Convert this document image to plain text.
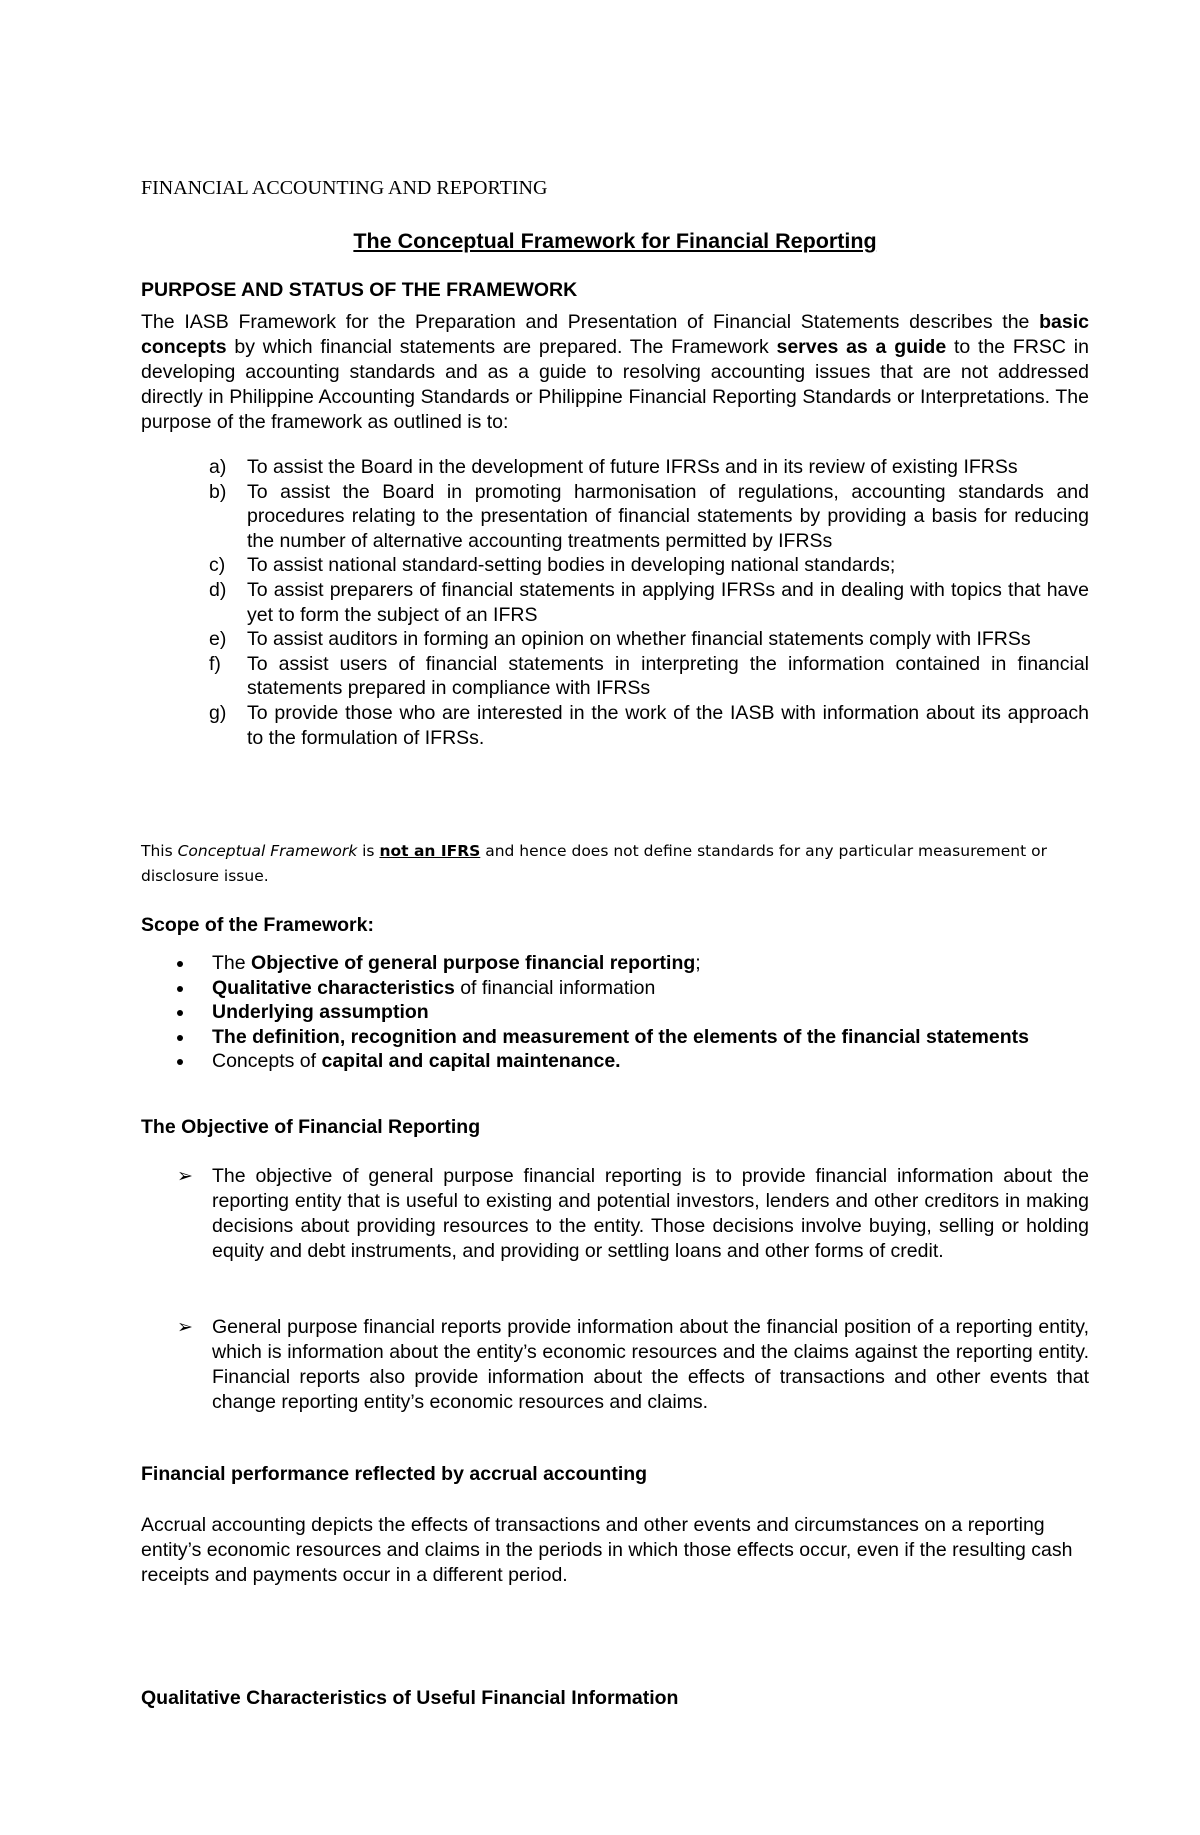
FINANCIAL ACCOUNTING AND REPORTING

The Conceptual Framework for Financial Reporting
PURPOSE AND STATUS OF THE FRAMEWORK

The IASB Framework for the Preparation and Presentation of Financial Statements describes the basic concepts by which financial statements are prepared. The Framework serves as a guide to the FRSC in developing accounting standards and as a guide to resolving accounting issues that are not addressed directly in Philippine Accounting Standards or Philippine Financial Reporting Standards or Interpretations. The purpose of the framework as outlined is to:

a) To assist the Board in the development of future IFRSs and in its review of existing IFRSs
b) To assist the Board in promoting harmonisation of regulations, accounting standards and procedures relating to the presentation of financial statements by providing a basis for reducing the number of alternative accounting treatments permitted by IFRSs
c) To assist national standard-setting bodies in developing national standards;
d) To assist preparers of financial statements in applying IFRSs and in dealing with topics that have yet to form the subject of an IFRS
e) To assist auditors in forming an opinion on whether financial statements comply with IFRSs
f) To assist users of financial statements in interpreting the information contained in financial statements prepared in compliance with IFRSs
g) To provide those who are interested in the work of the IASB with information about its approach to the formulation of IFRSs.

This Conceptual Framework is not an IFRS and hence does not define standards for any particular measurement or disclosure issue.

Scope of the Framework:
The Objective of general purpose financial reporting;
Qualitative characteristics of financial information
Underlying assumption
The definition, recognition and measurement of the elements of the financial statements
Concepts of capital and capital maintenance.
The Objective of Financial Reporting
➢ The objective of general purpose financial reporting is to provide financial information about the reporting entity that is useful to existing and potential investors, lenders and other creditors in making decisions about providing resources to the entity. Those decisions involve buying, selling or holding equity and debt instruments, and providing or settling loans and other forms of credit.
➢ General purpose financial reports provide information about the financial position of a reporting entity, which is information about the entity’s economic resources and the claims against the reporting entity. Financial reports also provide information about the effects of transactions and other events that change reporting entity’s economic resources and claims.
Financial performance reflected by accrual accounting

Accrual accounting depicts the effects of transactions and other events and circumstances on a reporting entity’s economic resources and claims in the periods in which those effects occur, even if the resulting cash receipts and payments occur in a different period.

Qualitative Characteristics of Useful Financial Information
